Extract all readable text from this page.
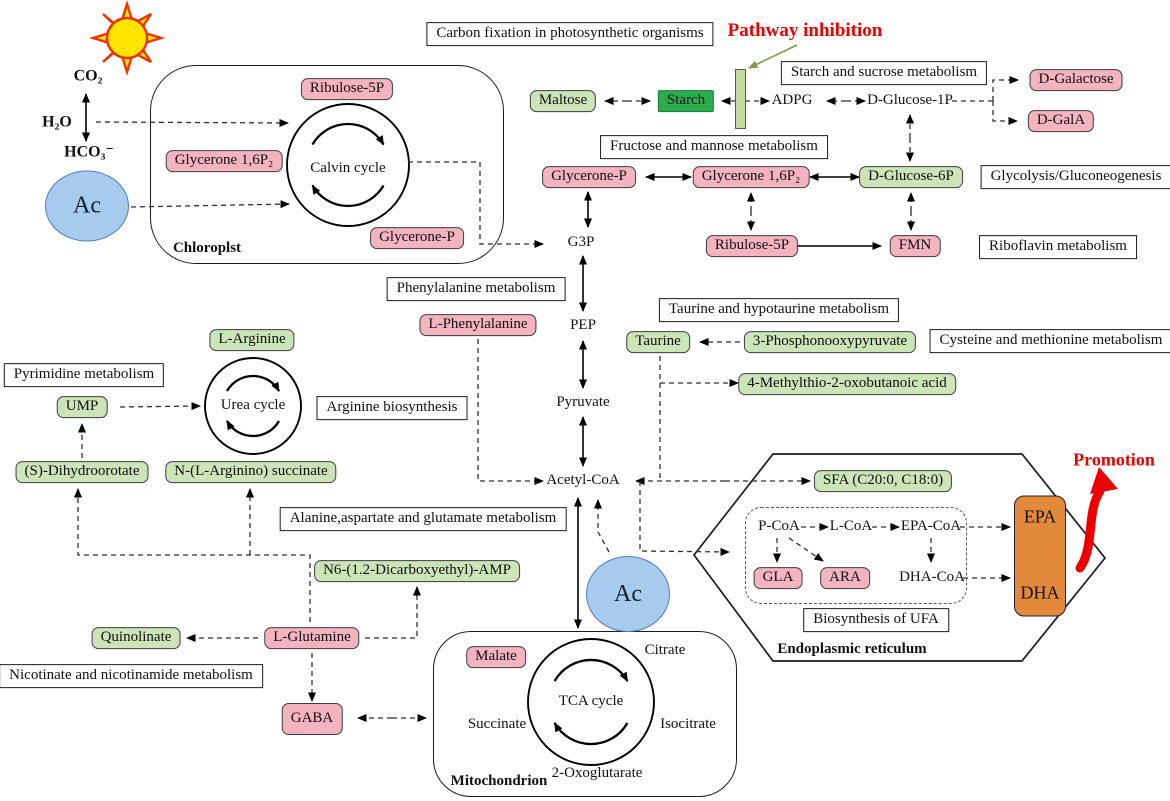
CO₂
H₂O
HCO₃⁻
Ac
Ac
Pathway inhibition
Promotion
Chloroplst
Mitochondrion
Endoplasmic reticulum
Calvin cycle
Urea cycle
TCA cycle
Carbon fixation in photosynthetic organisms
Starch and sucrose metabolism
Fructose and mannose metabolism
Glycolysis/Gluconeogenesis
Riboflavin metabolism
Phenylalanine metabolism
Taurine and hypotaurine metabolism
Cysteine and methionine metabolism
Pyrimidine metabolism
Arginine biosynthesis
Alanine,aspartate and glutamate metabolism
Nicotinate and nicotinamide metabolism
Biosynthesis of UFA
Ribulose-5P
Glycerone 1,6P₂
Glycerone-P
Maltose	Starch	ADPG	D-Glucose-1P
D-Galactose
D-GalA
Glycerone-P	Glycerone 1,6P₂	D-Glucose-6P
Ribulose-5P	FMN
G3P
PEP
Pyruvate
Acetyl-CoA
L-Phenylalanine
Taurine	3-Phosphonooxypyruvate
4-Methylthio-2-oxobutanoic acid
L-Arginine
UMP
(S)-Dihydroorotate	N-(L-Arginino) succinate
N6-(1.2-Dicarboxyethyl)-AMP
Quinolinate	L-Glutamine
GABA
Malate	Citrate
Isocitrate
2-Oxoglutarate
Succinate
SFA (C20:0, C18:0)
P-CoA L-CoA EPA-CoA
DHA-CoA
GLA	ARA
EPA
DHA
